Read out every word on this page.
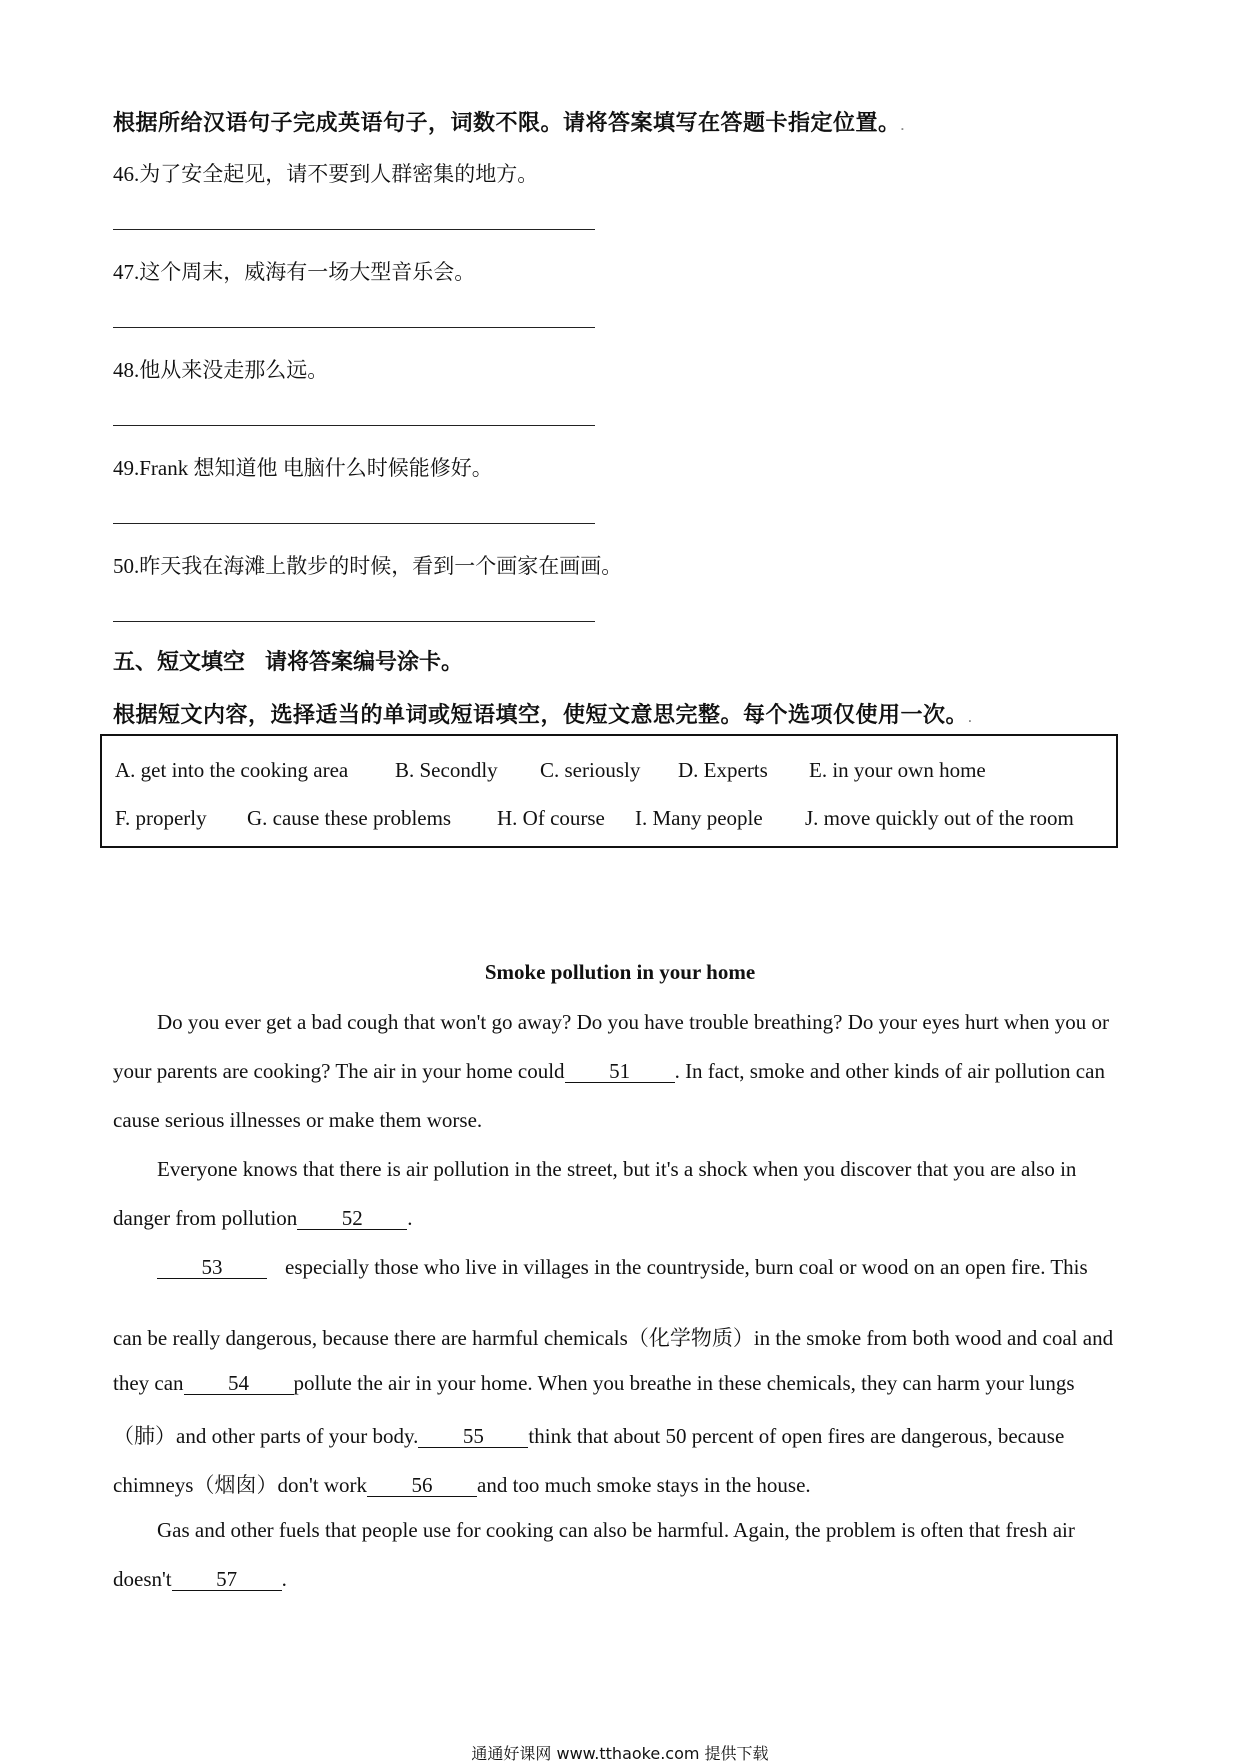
根据所给汉语句子完成英语句子，词数不限。请将答案填写在答题卡指定位置。.
46.为了安全起见，请不要到人群密集的地方。
47.这个周末，威海有一场大型音乐会。
48.他从来没走那么远。
49.Frank 想知道他 电脑什么时候能修好。
50.昨天我在海滩上散步的时候，看到一个画家在画画。
五、短文填空 请将答案编号涂卡。
根据短文内容，选择适当的单词或短语填空，使短文意思完整。每个选项仅使用一次。.
A. get into the cooking area B. Secondly C. seriously D. Experts E. in your own home
F. properly G. cause these problems H. Of course I. Many people J. move quickly out of the room
Smoke pollution in your home
Do you ever get a bad cough that won't go away? Do you have trouble breathing? Do your eyes hurt when you or
your parents are cooking? The air in your home could 51 . In fact, smoke and other kinds of air pollution can
cause serious illnesses or make them worse.
Everyone knows that there is air pollution in the street, but it's a shock when you discover that you are also in
danger from pollution 52 .
53	especially those who live in villages in the countryside, burn coal or wood on an open fire. This
can be really dangerous, because there are harmful chemicals（化学物质）in the smoke from both wood and coal and
they can 54 pollute the air in your home. When you breathe in these chemicals, they can harm your lungs
（肺）and other parts of your body. 55 think that about 50 percent of open fires are dangerous, because
chimneys（烟囱）don't work 56 and too much smoke stays in the house.
Gas and other fuels that people use for cooking can also be harmful. Again, the problem is often that fresh air
doesn't 57 .
通通好课网 www.tthaoke.com 提供下载
